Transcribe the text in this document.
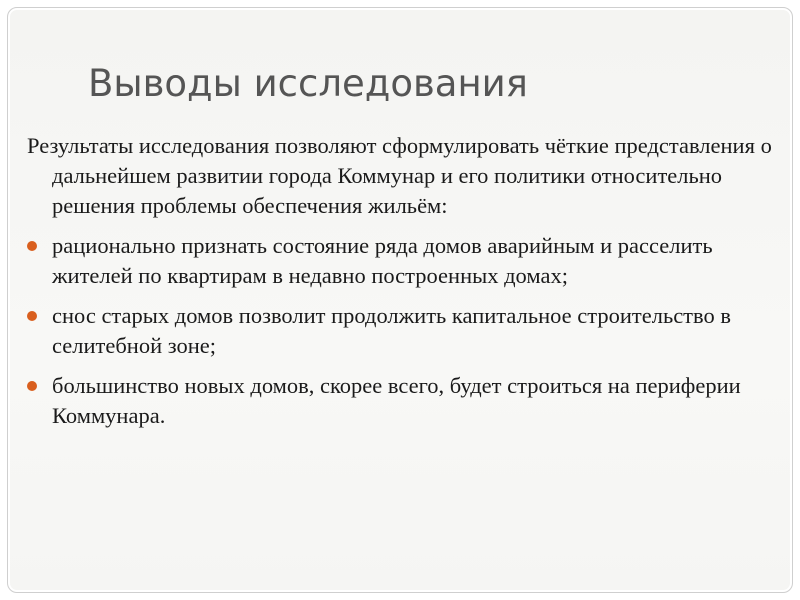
Выводы исследования

Результаты исследования позволяют сформулировать чёткие представления о дальнейшем развитии города Коммунар и его политики относительно решения проблемы обеспечения жильём:

рационально признать состояние ряда домов аварийным и расселить жителей по квартирам в недавно построенных домах;
снос старых домов позволит продолжить капитальное строительство в селитебной зоне;
большинство новых домов, скорее всего, будет строиться на периферии Коммунара.
